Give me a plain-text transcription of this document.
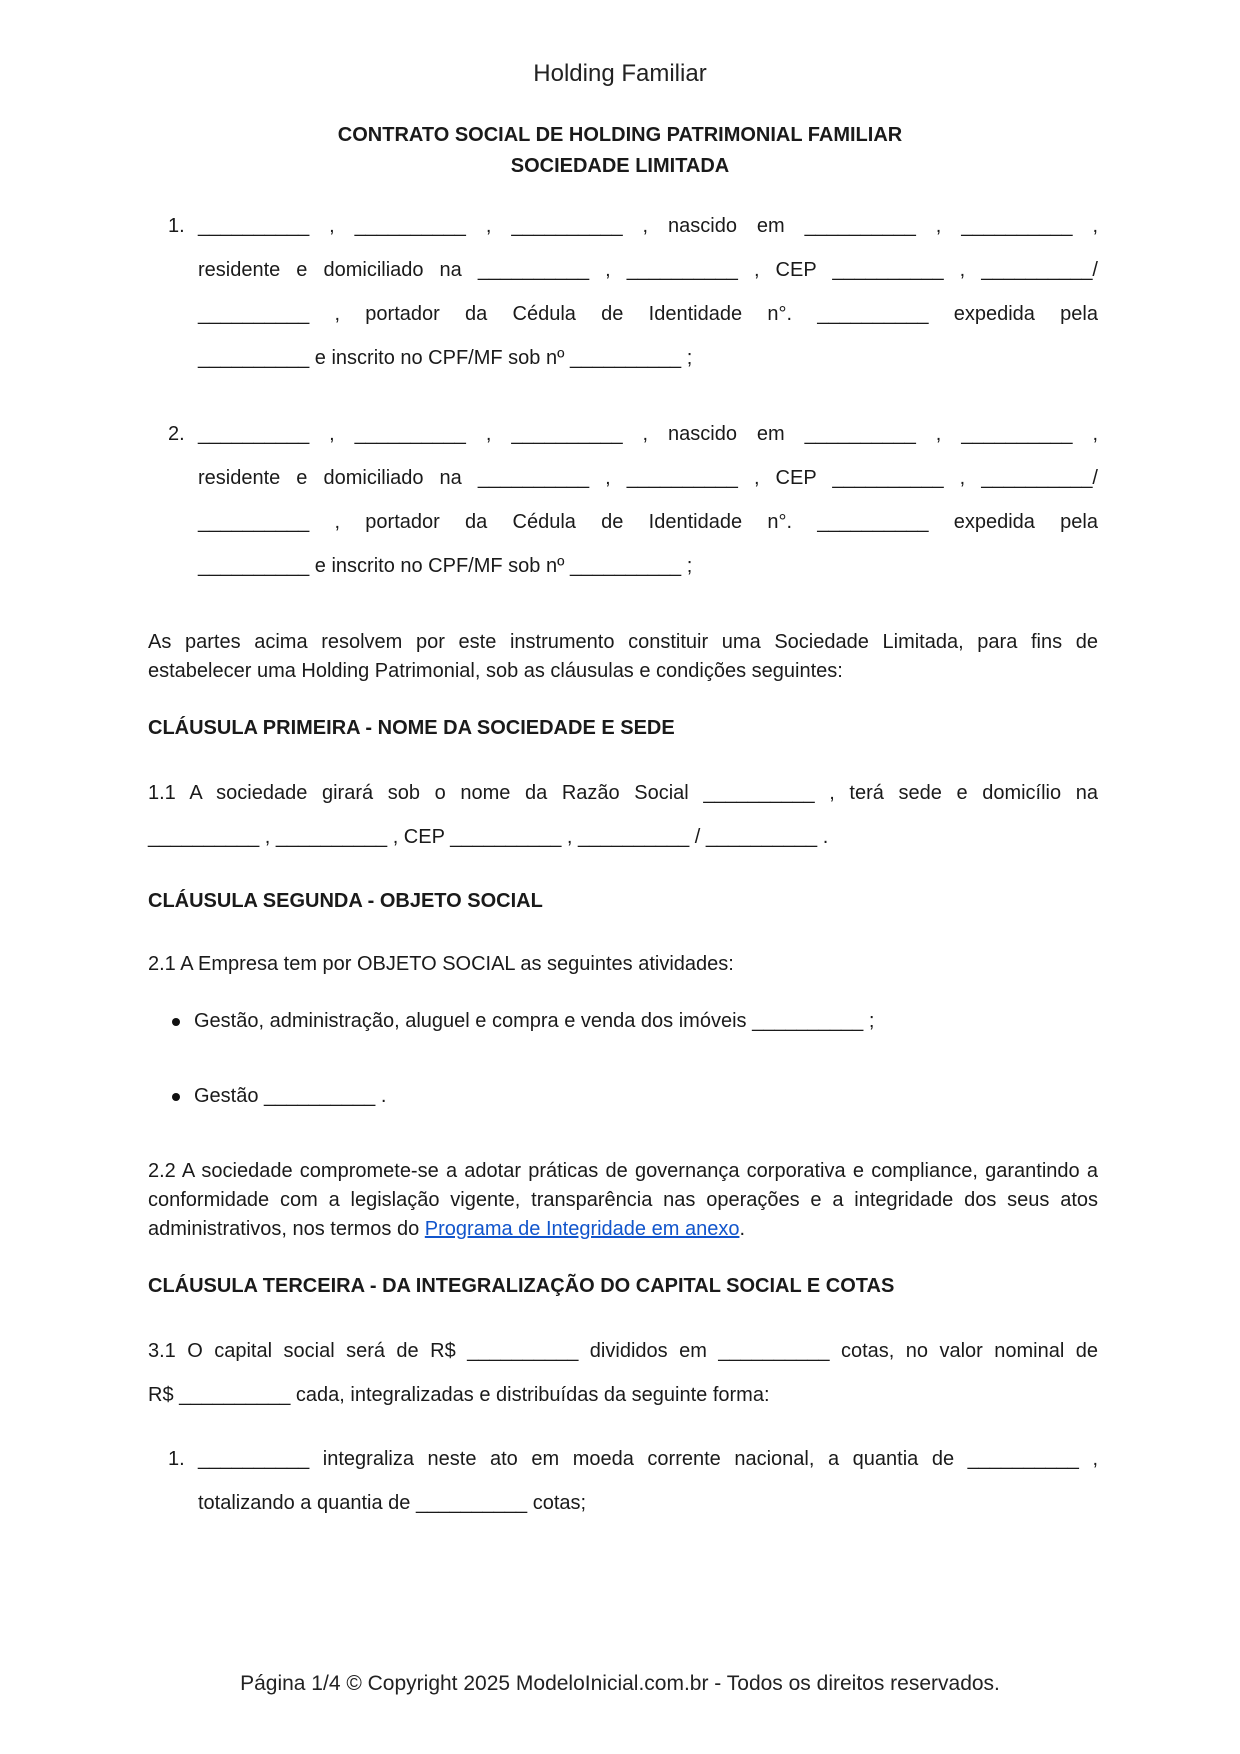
Holding Familiar
CONTRATO SOCIAL DE HOLDING PATRIMONIAL FAMILIAR
SOCIEDADE LIMITADA
1. __________ , __________ , __________ , nascido em __________ , __________ ,
residente e domiciliado na __________ , __________ , CEP __________ , __________/
__________ , portador da Cédula de Identidade n°. __________ expedida pela
__________ e inscrito no CPF/MF sob nº __________ ;
2. __________ , __________ , __________ , nascido em __________ , __________ ,
residente e domiciliado na __________ , __________ , CEP __________ , __________/
__________ , portador da Cédula de Identidade n°. __________ expedida pela
__________ e inscrito no CPF/MF sob nº __________ ;

As partes acima resolvem por este instrumento constituir uma Sociedade Limitada, para fins de estabelecer uma Holding Patrimonial, sob as cláusulas e condições seguintes:

CLÁUSULA PRIMEIRA - NOME DA SOCIEDADE E SEDE
1.1 A sociedade girará sob o nome da Razão Social __________ , terá sede e domicílio na
__________ , __________ , CEP __________ , __________ / __________ .
CLÁUSULA SEGUNDA - OBJETO SOCIAL

2.1 A Empresa tem por OBJETO SOCIAL as seguintes atividades:

Gestão, administração, aluguel e compra e venda dos imóveis __________ ;
Gestão __________ .

2.2 A sociedade compromete-se a adotar práticas de governança corporativa e compliance, garantindo a conformidade com a legislação vigente, transparência nas operações e a integridade dos seus atos administrativos, nos termos do Programa de Integridade em anexo.

CLÁUSULA TERCEIRA - DA INTEGRALIZAÇÃO DO CAPITAL SOCIAL E COTAS
3.1 O capital social será de R$ __________ divididos em __________ cotas, no valor nominal de
R$ __________ cada, integralizadas e distribuídas da seguinte forma:
1. __________ integraliza neste ato em moeda corrente nacional, a quantia de __________ ,
totalizando a quantia de __________ cotas;
Página 1/4 © Copyright 2025 ModeloInicial.com.br - Todos os direitos reservados.
